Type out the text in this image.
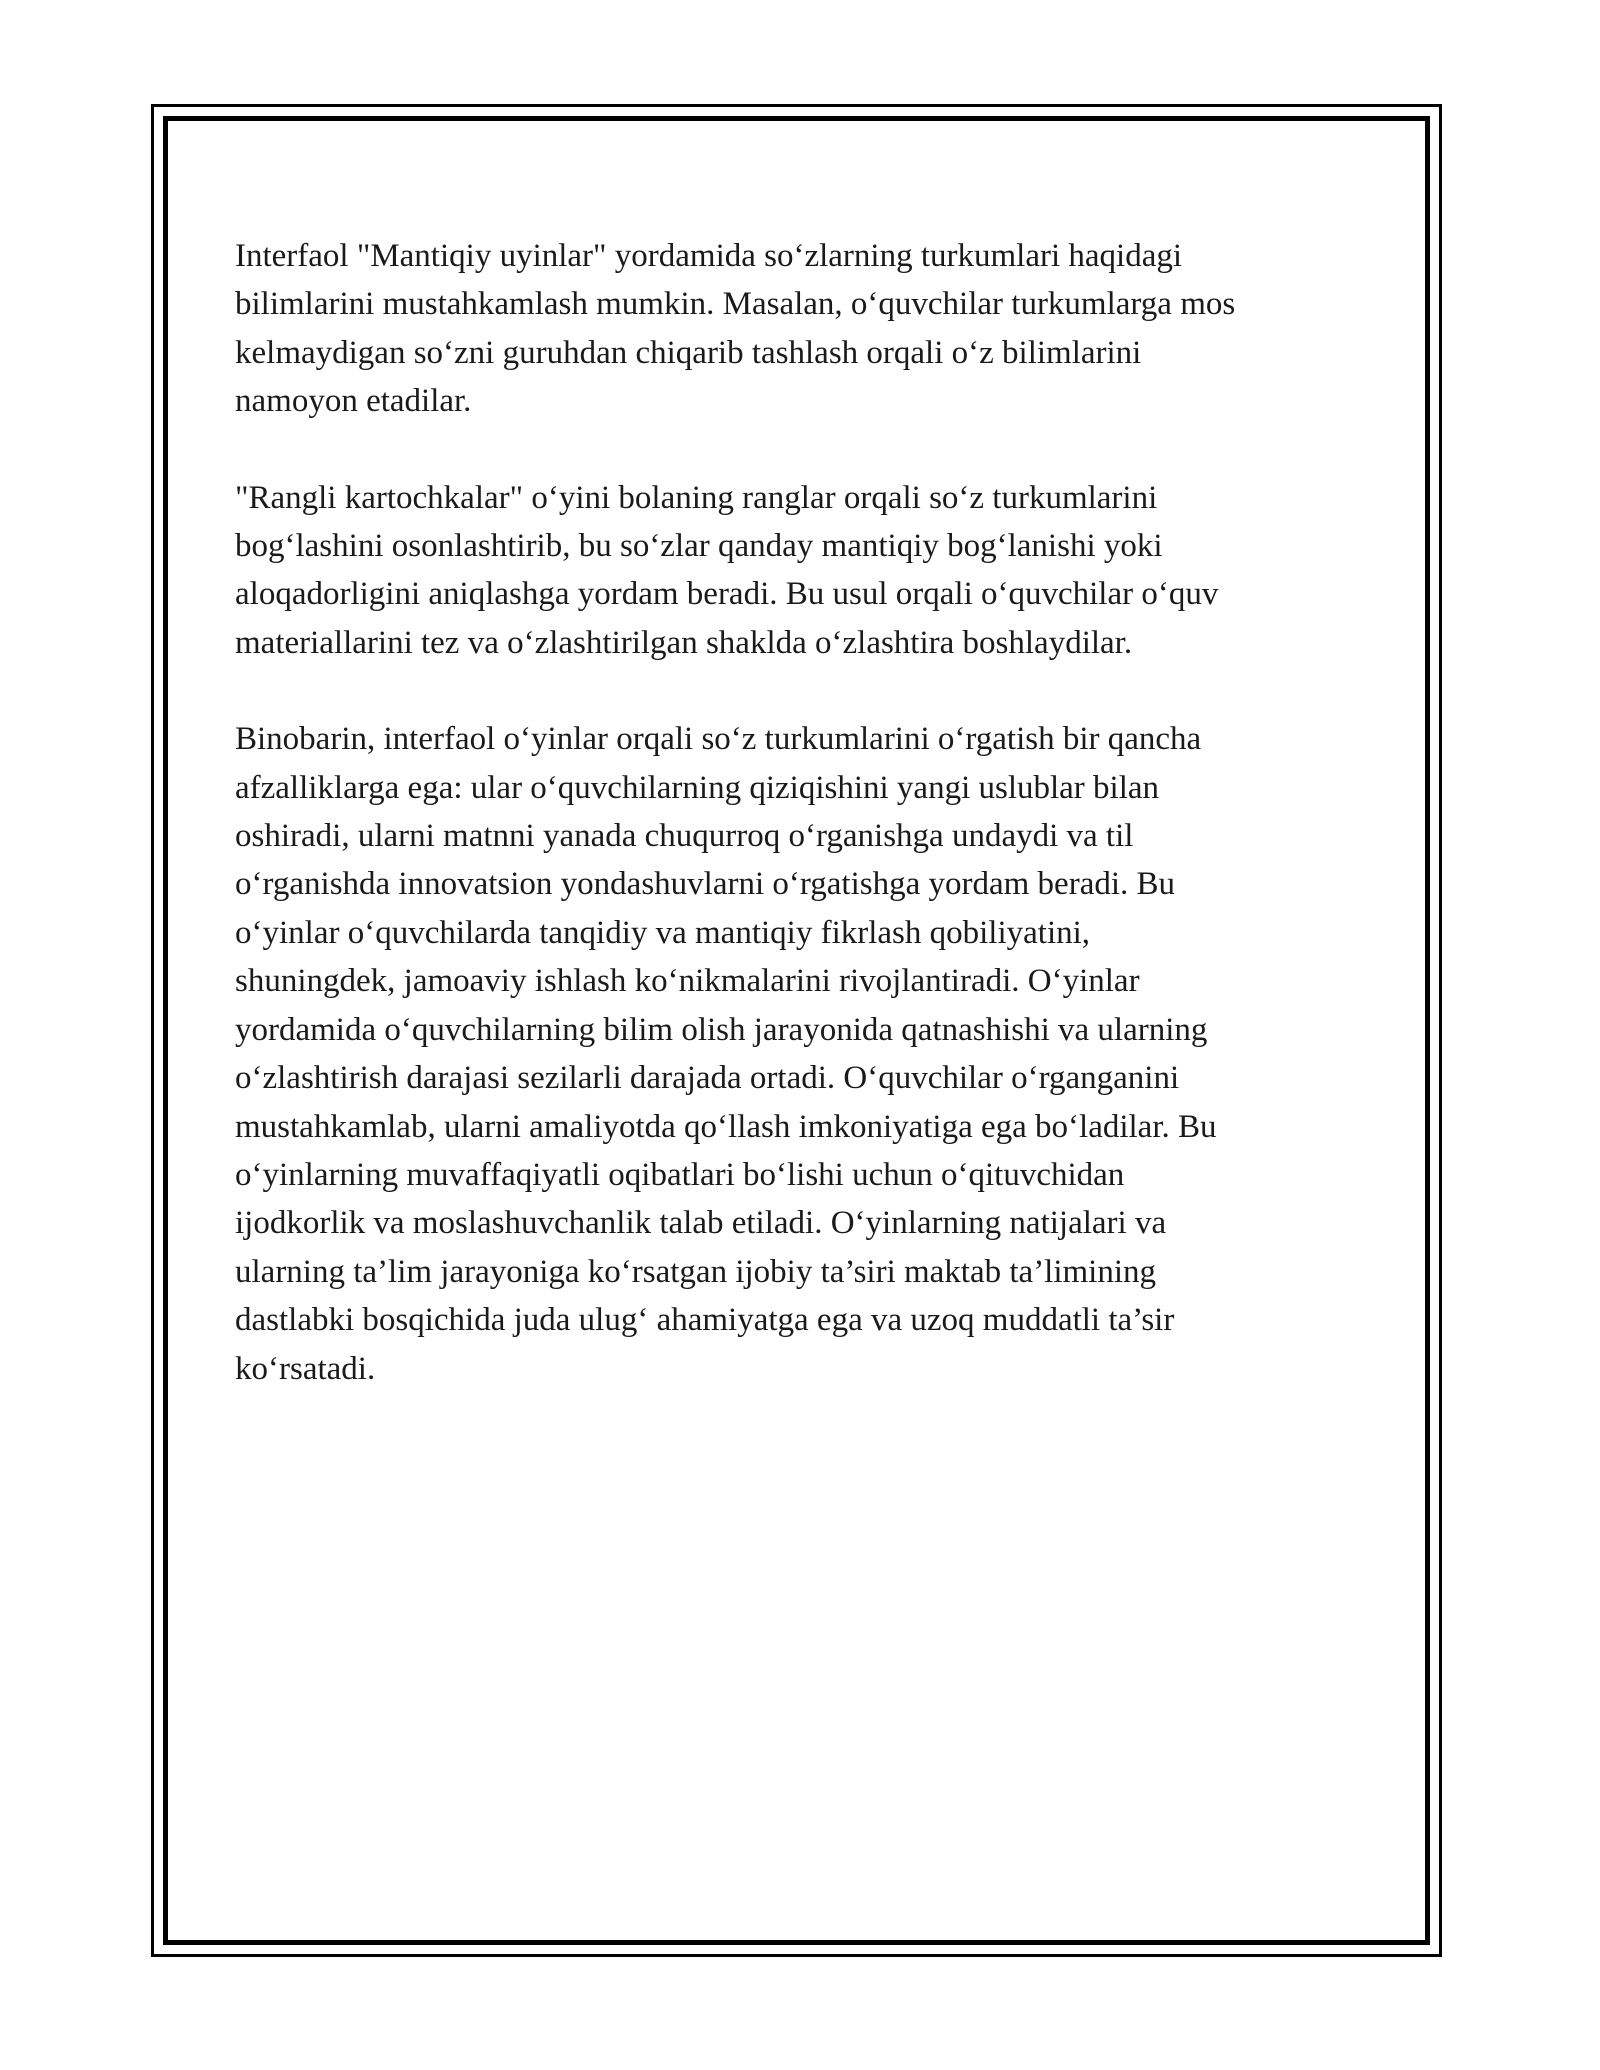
Interfaol "Mantiqiy uyinlar" yordamida so‘zlarning turkumlari haqidagi
bilimlarini mustahkamlash mumkin. Masalan, o‘quvchilar turkumlarga mos
kelmaydigan so‘zni guruhdan chiqarib tashlash orqali o‘z bilimlarini
namoyon etadilar.

"Rangli kartochkalar" o‘yini bolaning ranglar orqali so‘z turkumlarini
bog‘lashini osonlashtirib, bu so‘zlar qanday mantiqiy bog‘lanishi yoki
aloqadorligini aniqlashga yordam beradi. Bu usul orqali o‘quvchilar o‘quv
materiallarini tez va o‘zlashtirilgan shaklda o‘zlashtira boshlaydilar.

Binobarin, interfaol o‘yinlar orqali so‘z turkumlarini o‘rgatish bir qancha
afzalliklarga ega: ular o‘quvchilarning qiziqishini yangi uslublar bilan
oshiradi, ularni matnni yanada chuqurroq o‘rganishga undaydi va til
o‘rganishda innovatsion yondashuvlarni o‘rgatishga yordam beradi. Bu
o‘yinlar o‘quvchilarda tanqidiy va mantiqiy fikrlash qobiliyatini,
shuningdek, jamoaviy ishlash ko‘nikmalarini rivojlantiradi. O‘yinlar
yordamida o‘quvchilarning bilim olish jarayonida qatnashishi va ularning
o‘zlashtirish darajasi sezilarli darajada ortadi. O‘quvchilar o‘rganganini
mustahkamlab, ularni amaliyotda qo‘llash imkoniyatiga ega bo‘ladilar. Bu
o‘yinlarning muvaffaqiyatli oqibatlari bo‘lishi uchun o‘qituvchidan
ijodkorlik va moslashuvchanlik talab etiladi. O‘yinlarning natijalari va
ularning ta’lim jarayoniga ko‘rsatgan ijobiy ta’siri maktab ta’limining
dastlabki bosqichida juda ulug‘ ahamiyatga ega va uzoq muddatli ta’sir
ko‘rsatadi.
